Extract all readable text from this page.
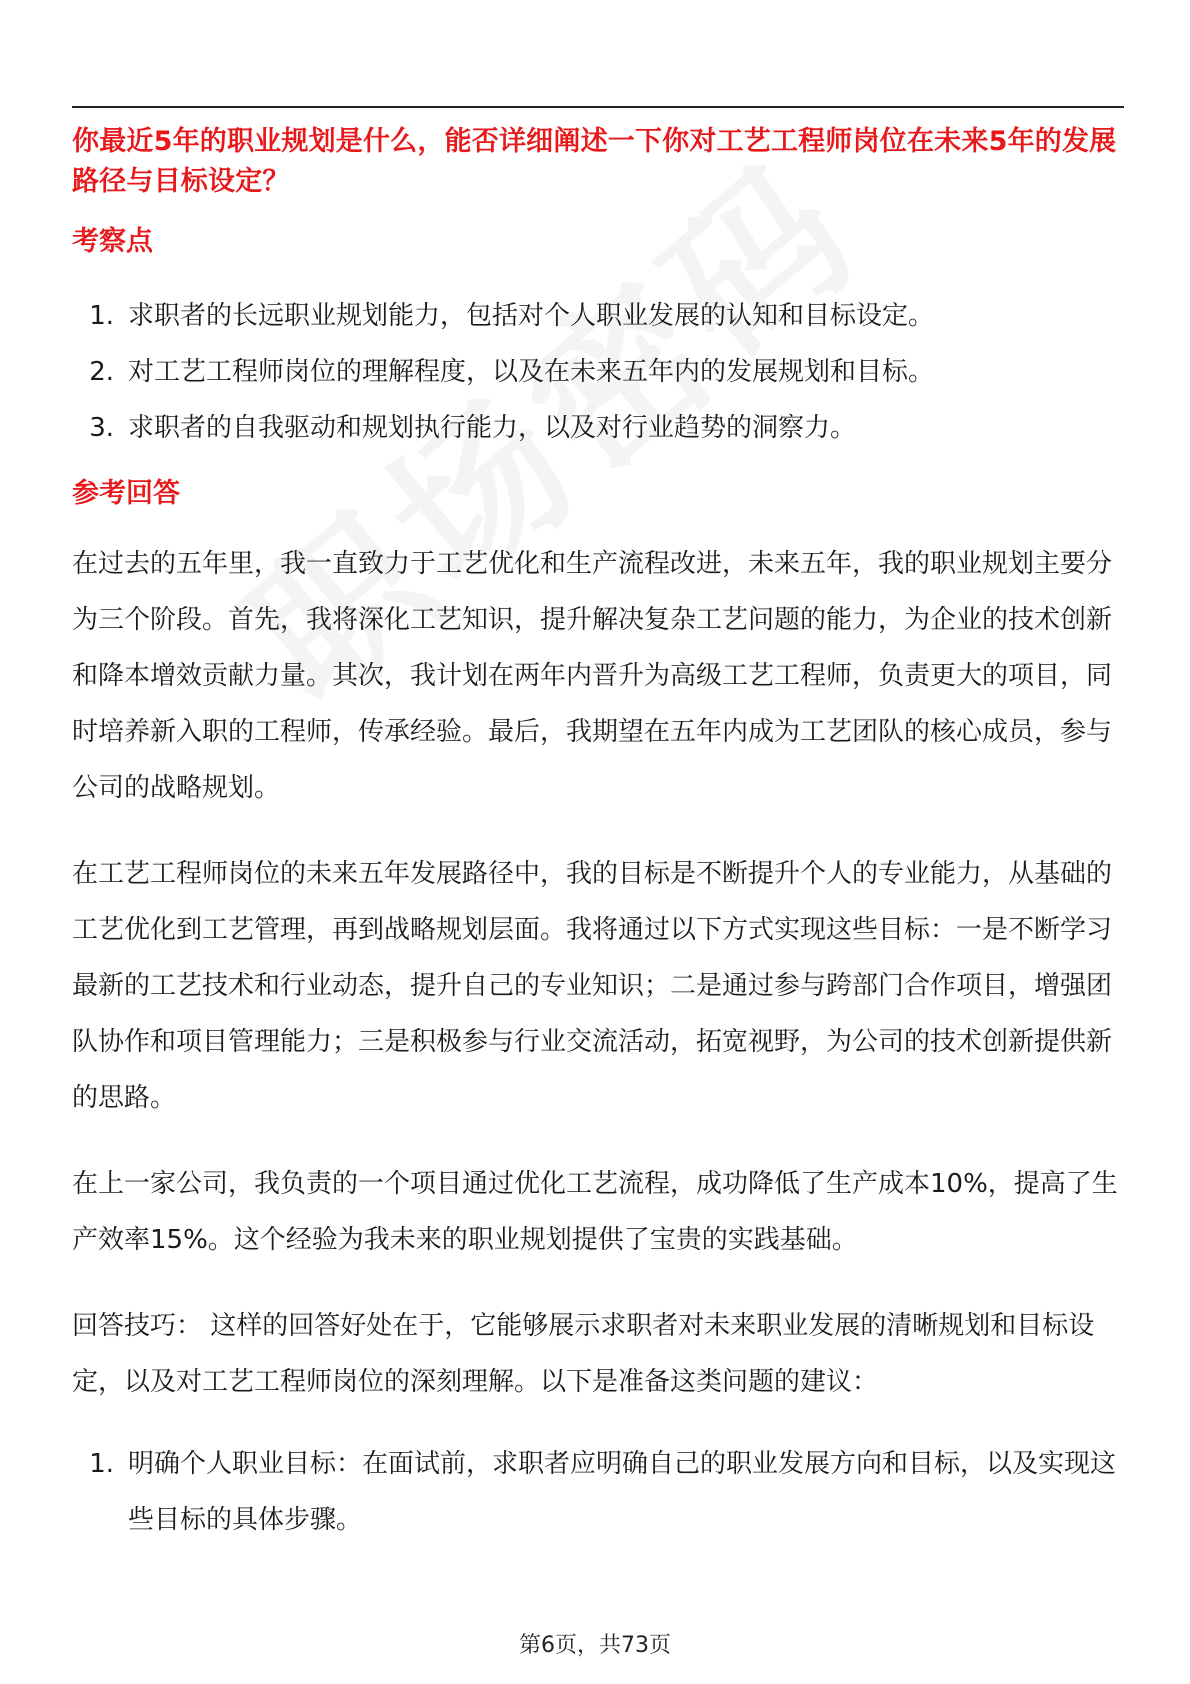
你最近5年的职业规划是什么，能否详细阐述一下你对工艺工程师岗位在未来5年的发展路径与目标设定？

考察点

1. 求职者的长远职业规划能力，包括对个人职业发展的认知和目标设定。
2. 对工艺工程师岗位的理解程度，以及在未来五年内的发展规划和目标。
3. 求职者的自我驱动和规划执行能力，以及对行业趋势的洞察力。

参考回答

在过去的五年里，我一直致力于工艺优化和生产流程改进，未来五年，我的职业规划主要分为三个阶段。首先，我将深化工艺知识，提升解决复杂工艺问题的能力，为企业的技术创新和降本增效贡献力量。其次，我计划在两年内晋升为高级工艺工程师，负责更大的项目，同时培养新入职的工程师，传承经验。最后，我期望在五年内成为工艺团队的核心成员，参与公司的战略规划。

在工艺工程师岗位的未来五年发展路径中，我的目标是不断提升个人的专业能力，从基础的工艺优化到工艺管理，再到战略规划层面。我将通过以下方式实现这些目标：一是不断学习最新的工艺技术和行业动态，提升自己的专业知识；二是通过参与跨部门合作项目，增强团队协作和项目管理能力；三是积极参与行业交流活动，拓宽视野，为公司的技术创新提供新的思路。

在上一家公司，我负责的一个项目通过优化工艺流程，成功降低了生产成本10%，提高了生产效率15%。这个经验为我未来的职业规划提供了宝贵的实践基础。

回答技巧： 这样的回答好处在于，它能够展示求职者对未来职业发展的清晰规划和目标设定，以及对工艺工程师岗位的深刻理解。以下是准备这类问题的建议：

1. 明确个人职业目标：在面试前，求职者应明确自己的职业发展方向和目标，以及实现这些目标的具体步骤。
第6页，共73页
